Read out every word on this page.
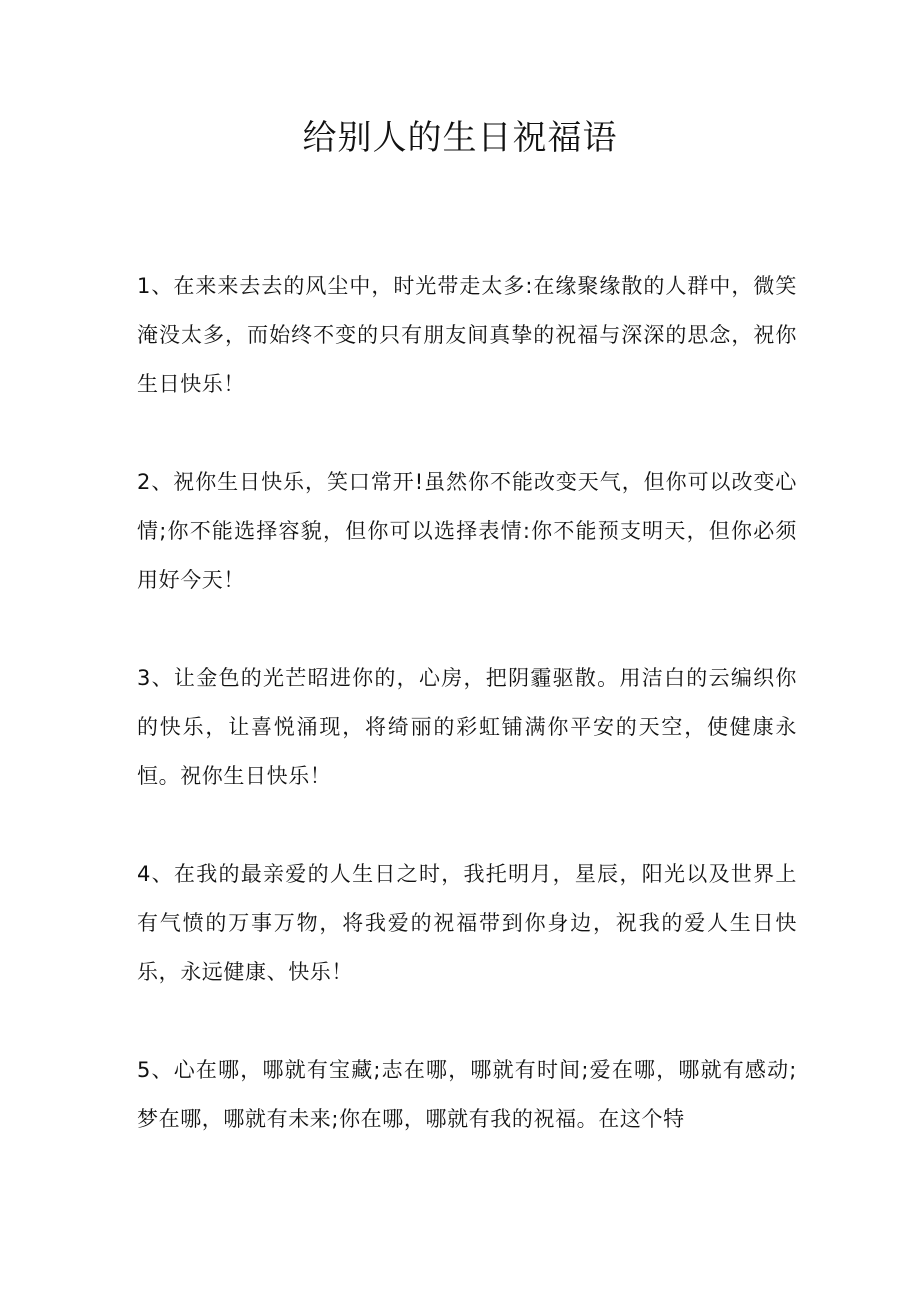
给别人的生日祝福语

1、在来来去去的风尘中，时光带走太多:在缘聚缘散的人群中，微笑淹没太多，而始终不变的只有朋友间真挚的祝福与深深的思念，祝你生日快乐！

2、祝你生日快乐，笑口常开!虽然你不能改变天气，但你可以改变心情;你不能选择容貌，但你可以选择表情:你不能预支明天，但你必须用好今天！

3、让金色的光芒昭进你的，心房，把阴霾驱散。用洁白的云编织你的快乐，让喜悦涌现，将绮丽的彩虹铺满你平安的天空，使健康永恒。祝你生日快乐！

4、在我的最亲爱的人生日之时，我托明月，星辰，阳光以及世界上有气愤的万事万物，将我爱的祝福带到你身边，祝我的爱人生日快乐，永远健康、快乐！

5、心在哪，哪就有宝藏;志在哪，哪就有时间;爱在哪，哪就有感动;梦在哪，哪就有未来;你在哪，哪就有我的祝福。在这个特
